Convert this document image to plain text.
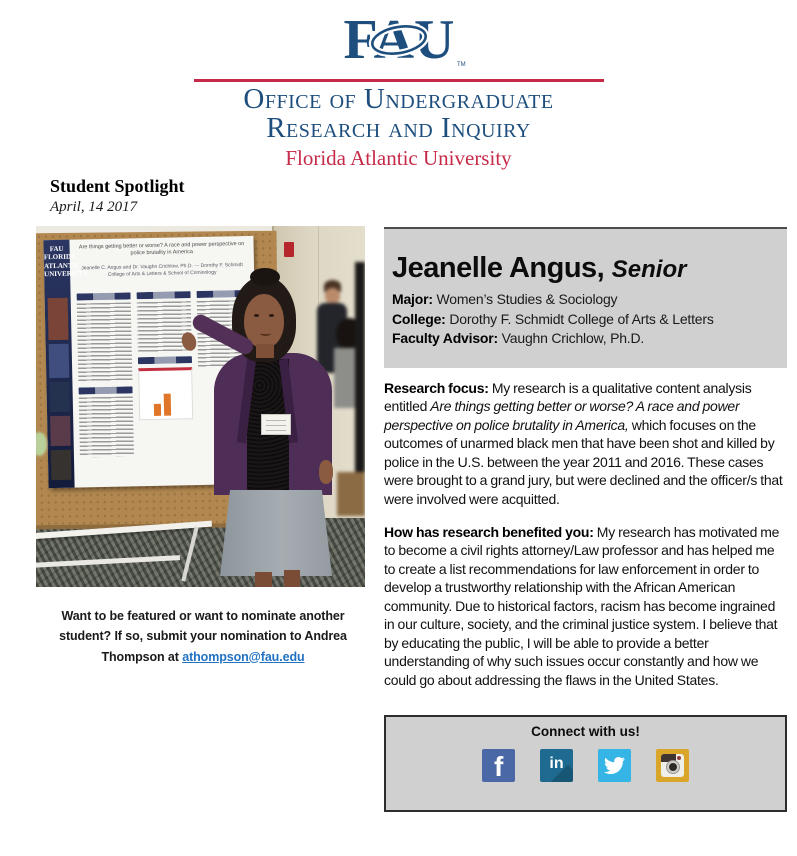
FAU TM
Office of Undergraduate
Research and Inquiry
Florida Atlantic University
Student Spotlight
April, 14 2017
FAU FLORIDA ATLANTIC UNIVERSITY
Are things getting better or worse? A race and power perspective on police brutality in America
Jeanelle C. Angus and Dr. Vaughn Crichlow, Ph.D. — Dorothy F. Schmidt College of Arts & Letters & School of Criminology
Want to be featured or want to nominate another student? If so, submit your nomination to Andrea Thompson at athompson@fau.edu
Jeanelle Angus, Senior
Major: Women’s Studies & Sociology
College: Dorothy F. Schmidt College of Arts & Letters
Faculty Advisor: Vaughn Crichlow, Ph.D.
Research focus: My research is a qualitative content analysis entitled Are things getting better or worse? A race and power perspective on police brutality in America, which focuses on the outcomes of unarmed black men that have been shot and killed by police in the U.S. between the year 2011 and 2016. These cases were brought to a grand jury, but were declined and the officer/s that were involved were acquitted.
How has research benefited you: My research has motivated me to become a civil rights attorney/Law professor and has helped me to create a list recommendations for law enforcement in order to develop a trustworthy relationship with the African American community. Due to historical factors, racism has become ingrained in our culture, society, and the criminal justice system. I believe that by educating the public, I will be able to provide a better understanding of why such issues occur constantly and how we could go about addressing the flaws in the United States.
Connect with us!
f	in
